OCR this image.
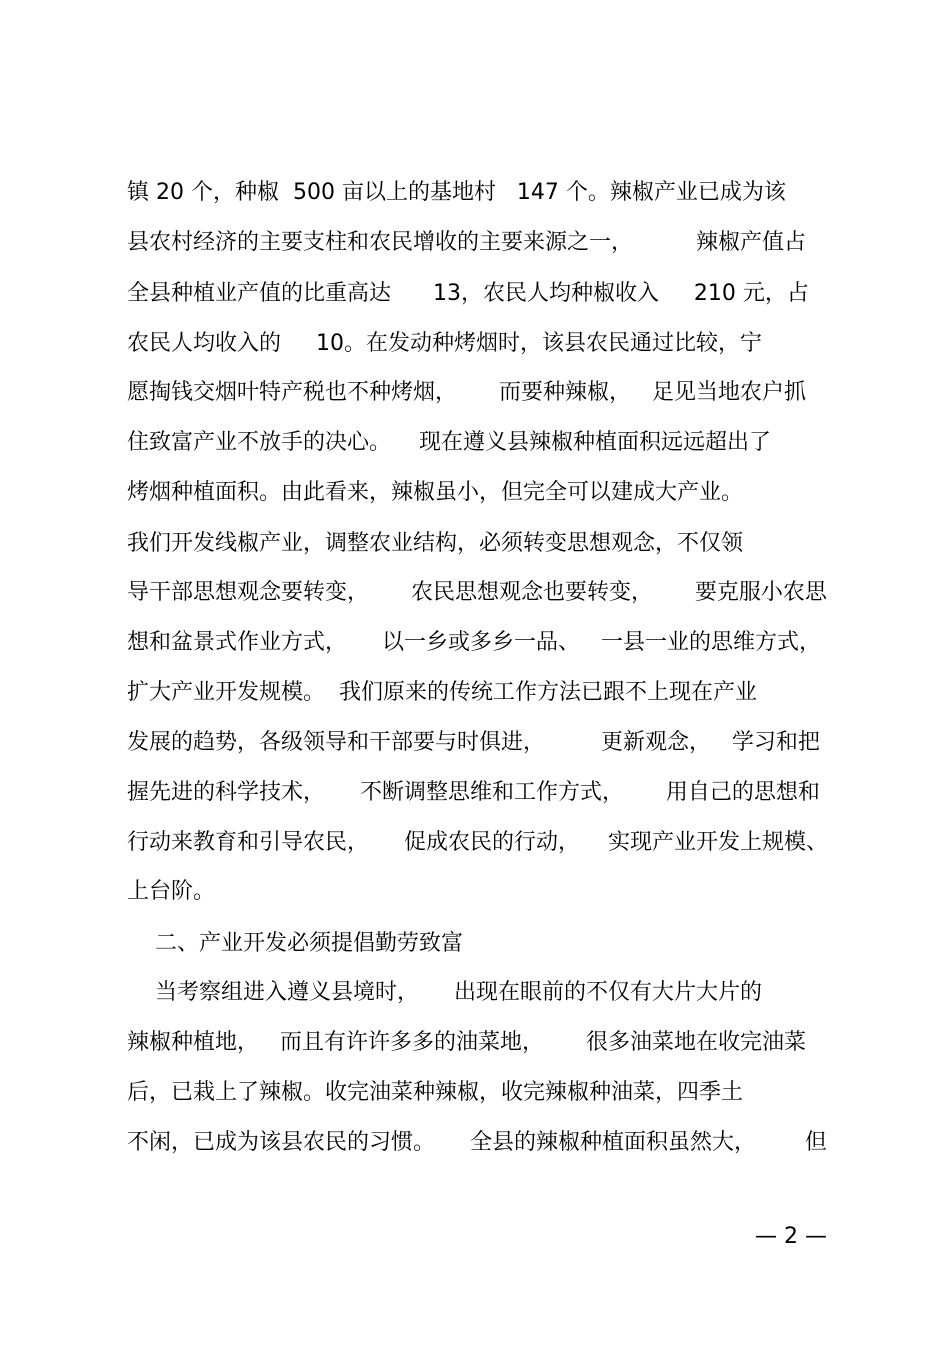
镇 20 个，种椒  500 亩以上的基地村   147 个。辣椒产业已成为该
县农村经济的主要支柱和农民增收的主要来源之一，         辣椒产值占
全县种植业产值的比重高达      13，农民人均种椒收入     210 元，占
农民人均收入的     10。在发动种烤烟时，该县农民通过比较，宁
愿掏钱交烟叶特产税也不种烤烟，      而要种辣椒，   足见当地农户抓
住致富产业不放手的决心。    现在遵义县辣椒种植面积远远超出了
烤烟种植面积。由此看来，辣椒虽小，但完全可以建成大产业。
我们开发线椒产业，调整农业结构，必须转变思想观念，不仅领
导干部思想观念要转变，      农民思想观念也要转变，      要克服小农思
想和盆景式作业方式，     以一乡或多乡一品、   一县一业的思维方式，
扩大产业开发规模。  我们原来的传统工作方法已跟不上现在产业
发展的趋势，各级领导和干部要与时俱进，        更新观念，   学习和把
握先进的科学技术，     不断调整思维和工作方式，      用自己的思想和
行动来教育和引导农民，     促成农民的行动，    实现产业开发上规模、
上台阶。
二、产业开发必须提倡勤劳致富
当考察组进入遵义县境时，     出现在眼前的不仅有大片大片的
辣椒种植地，   而且有许许多多的油菜地，      很多油菜地在收完油菜
后，已栽上了辣椒。收完油菜种辣椒，收完辣椒种油菜，四季土
不闲，已成为该县农民的习惯。     全县的辣椒种植面积虽然大，       但
— 2 —
